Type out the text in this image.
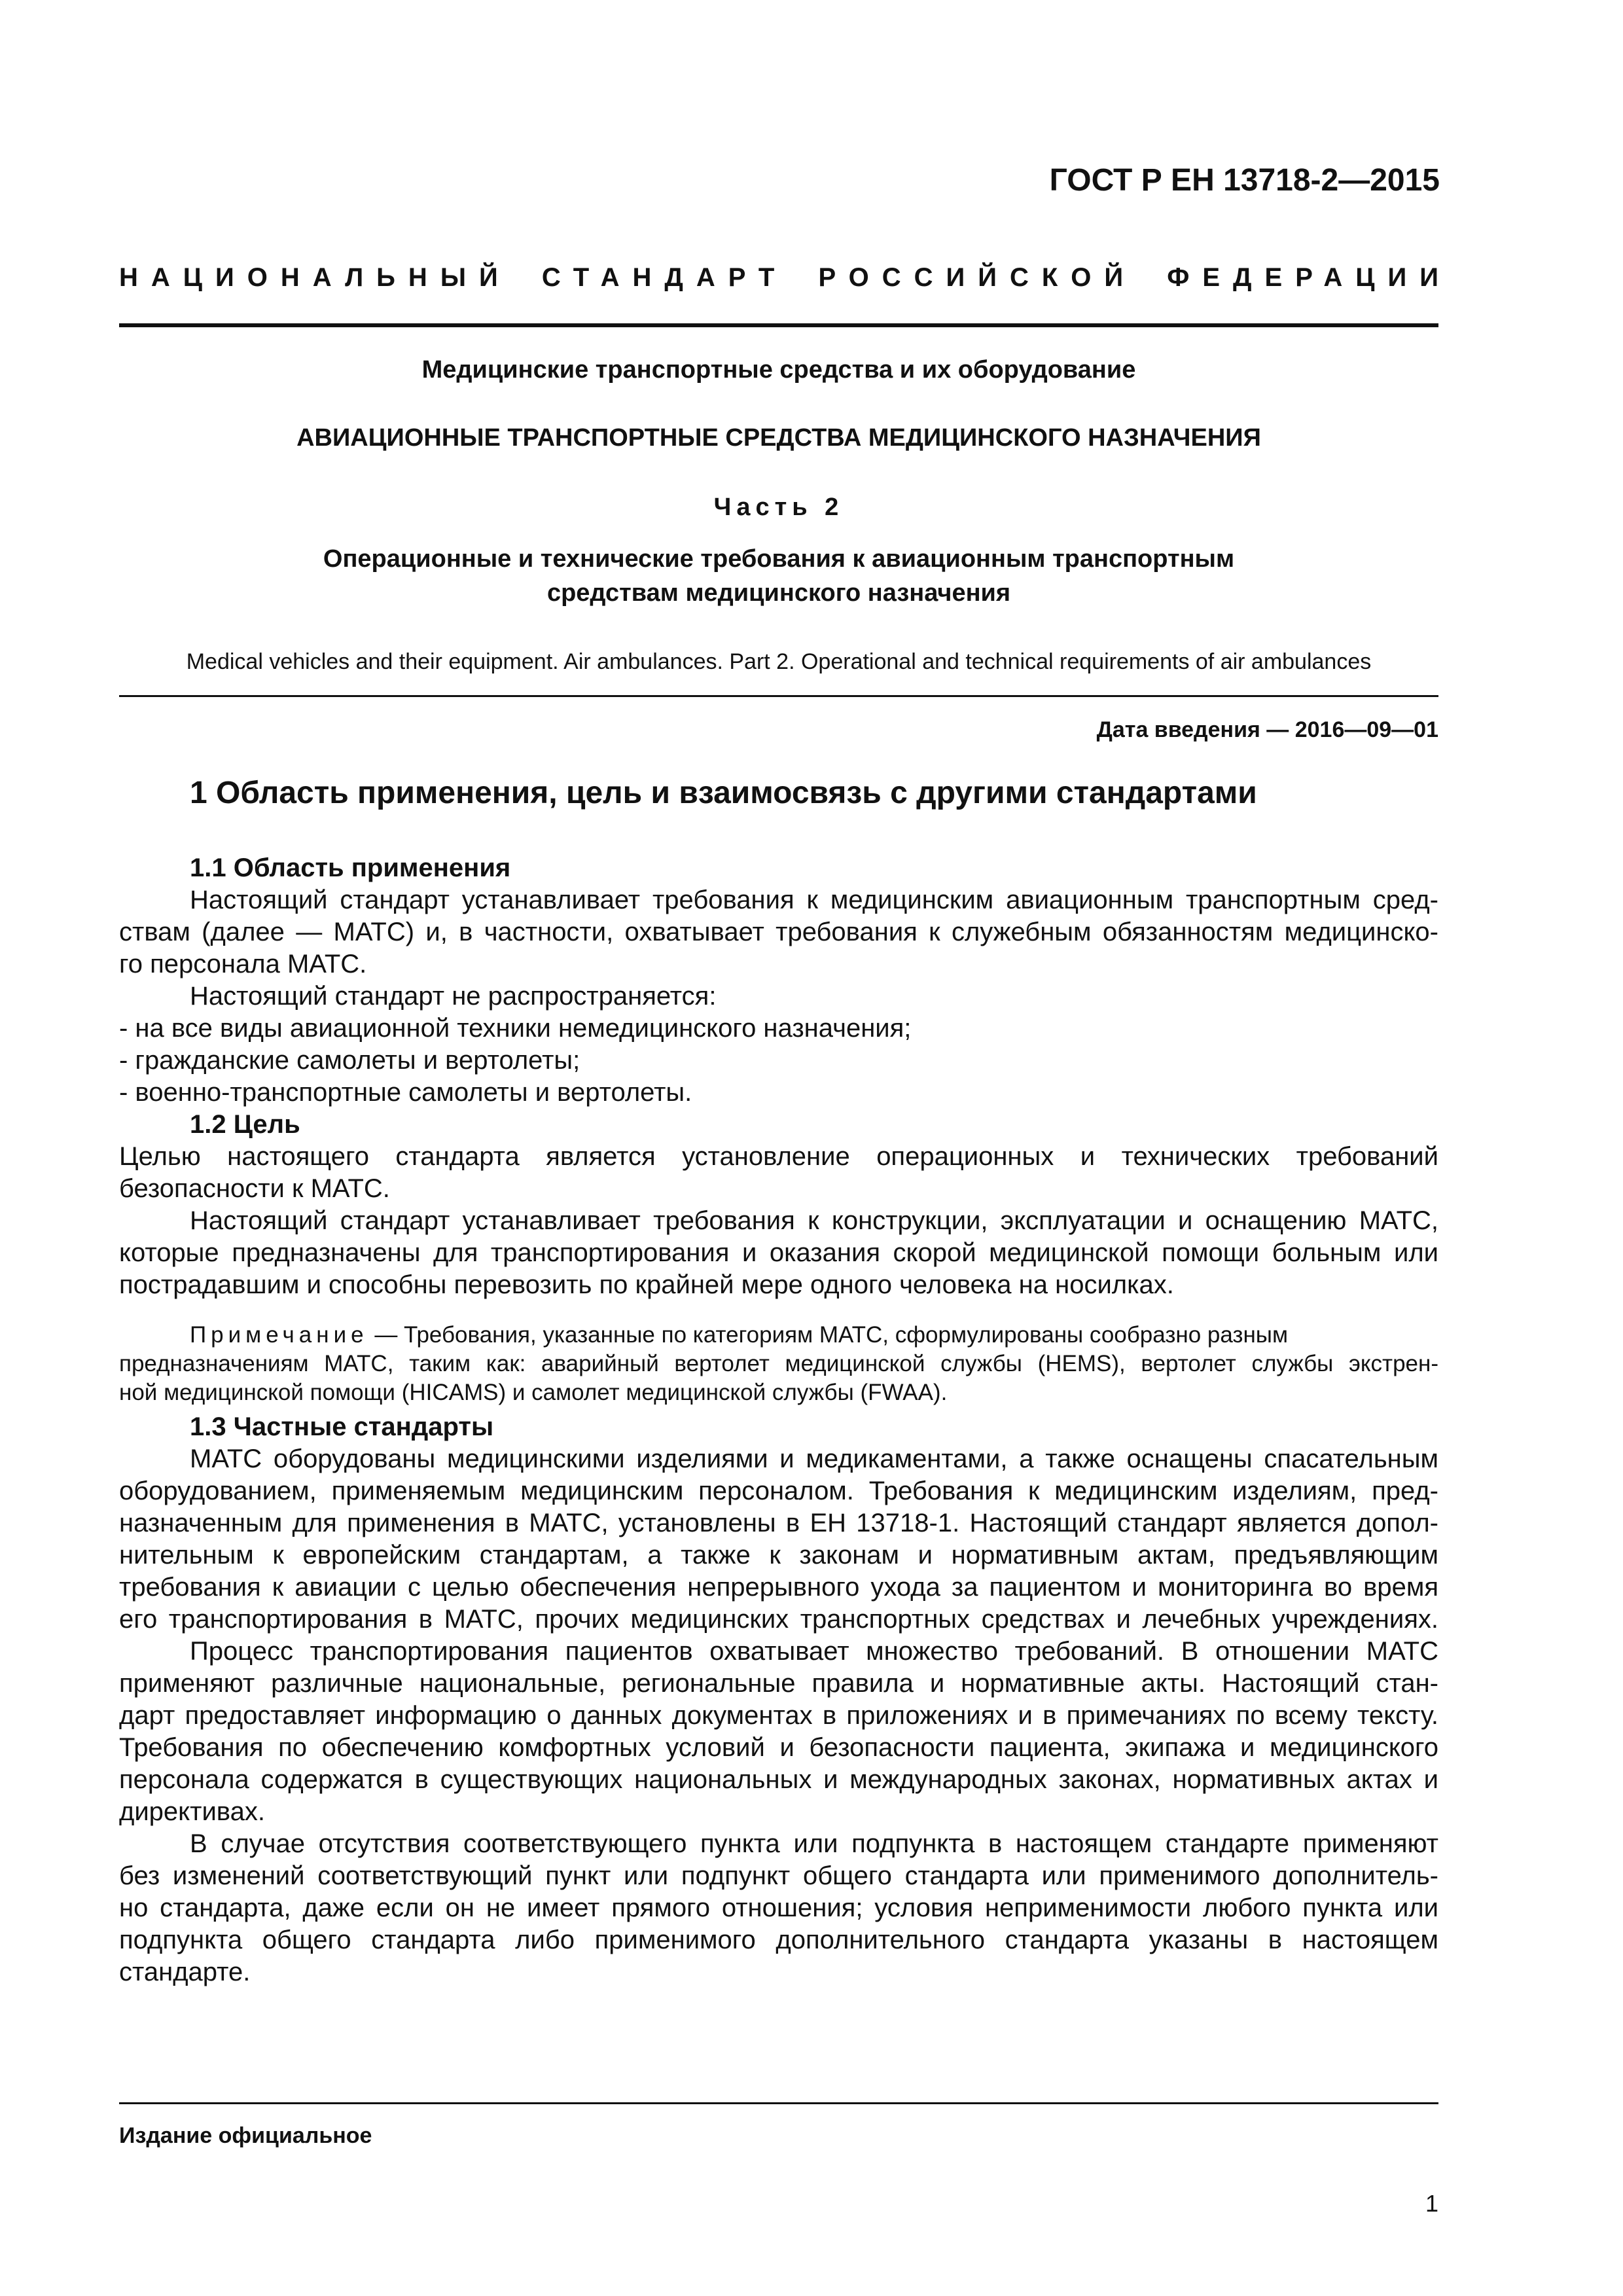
ГОСТ Р ЕН 13718-2—2015
НАЦИОНАЛЬНЫЙ СТАНДАРТ РОССИЙСКОЙ ФЕДЕРАЦИИ
Медицинские транспортные средства и их оборудование
АВИАЦИОННЫЕ ТРАНСПОРТНЫЕ СРЕДСТВА МЕДИЦИНСКОГО НАЗНАЧЕНИЯ
Часть 2
Операционные и технические требования к авиационным транспортным
средствам медицинского назначения
Medical vehicles and their equipment. Air ambulances. Part 2. Operational and technical requirements of air ambulances
Дата введения — 2016—09—01
1 Область применения, цель и взаимосвязь с другими стандартами
1.1 Область применения
Настоящий стандарт устанавливает требования к медицинским авиационным транспортным сред-
ствам (далее — МАТС) и, в частности, охватывает требования к служебным обязанностям медицинско-
го персонала МАТС.
Настоящий стандарт не распространяется:
- на все виды авиационной техники немедицинского назначения;
- гражданские самолеты и вертолеты;
- военно-транспортные самолеты и вертолеты.
1.2 Цель
Целью настоящего стандарта является установление операционных и технических требований
безопасности к МАТС.
Настоящий стандарт устанавливает требования к конструкции, эксплуатации и оснащению МАТС,
которые предназначены для транспортирования и оказания скорой медицинской помощи больным или
пострадавшим и способны перевозить по крайней мере одного человека на носилках.
Примечание — Требования, указанные по категориям МАТС, сформулированы сообразно разным
предназначениям МАТС, таким как: аварийный вертолет медицинской службы (HEMS), вертолет службы экстрен-
ной медицинской помощи (HICAMS) и самолет медицинской службы (FWAA).
1.3 Частные стандарты
МАТС оборудованы медицинскими изделиями и медикаментами, а также оснащены спасательным
оборудованием, применяемым медицинским персоналом. Требования к медицинским изделиям, пред-
назначенным для применения в МАТС, установлены в ЕН 13718-1. Настоящий стандарт является допол-
нительным к европейским стандартам, а также к законам и нормативным актам, предъявляющим
требования к авиации с целью обеспечения непрерывного ухода за пациентом и мониторинга во время
его транспортирования в МАТС, прочих медицинских транспортных средствах и лечебных учреждениях.
Процесс транспортирования пациентов охватывает множество требований. В отношении МАТС
применяют различные национальные, региональные правила и нормативные акты. Настоящий стан-
дарт предоставляет информацию о данных документах в приложениях и в примечаниях по всему тексту.
Требования по обеспечению комфортных условий и безопасности пациента, экипажа и медицинского
персонала содержатся в существующих национальных и международных законах, нормативных актах и
директивах.
В случае отсутствия соответствующего пункта или подпункта в настоящем стандарте применяют
без изменений соответствующий пункт или подпункт общего стандарта или применимого дополнитель-
но стандарта, даже если он не имеет прямого отношения; условия неприменимости любого пункта или
подпункта общего стандарта либо применимого дополнительного стандарта указаны в настоящем
стандарте.
Издание официальное
1
